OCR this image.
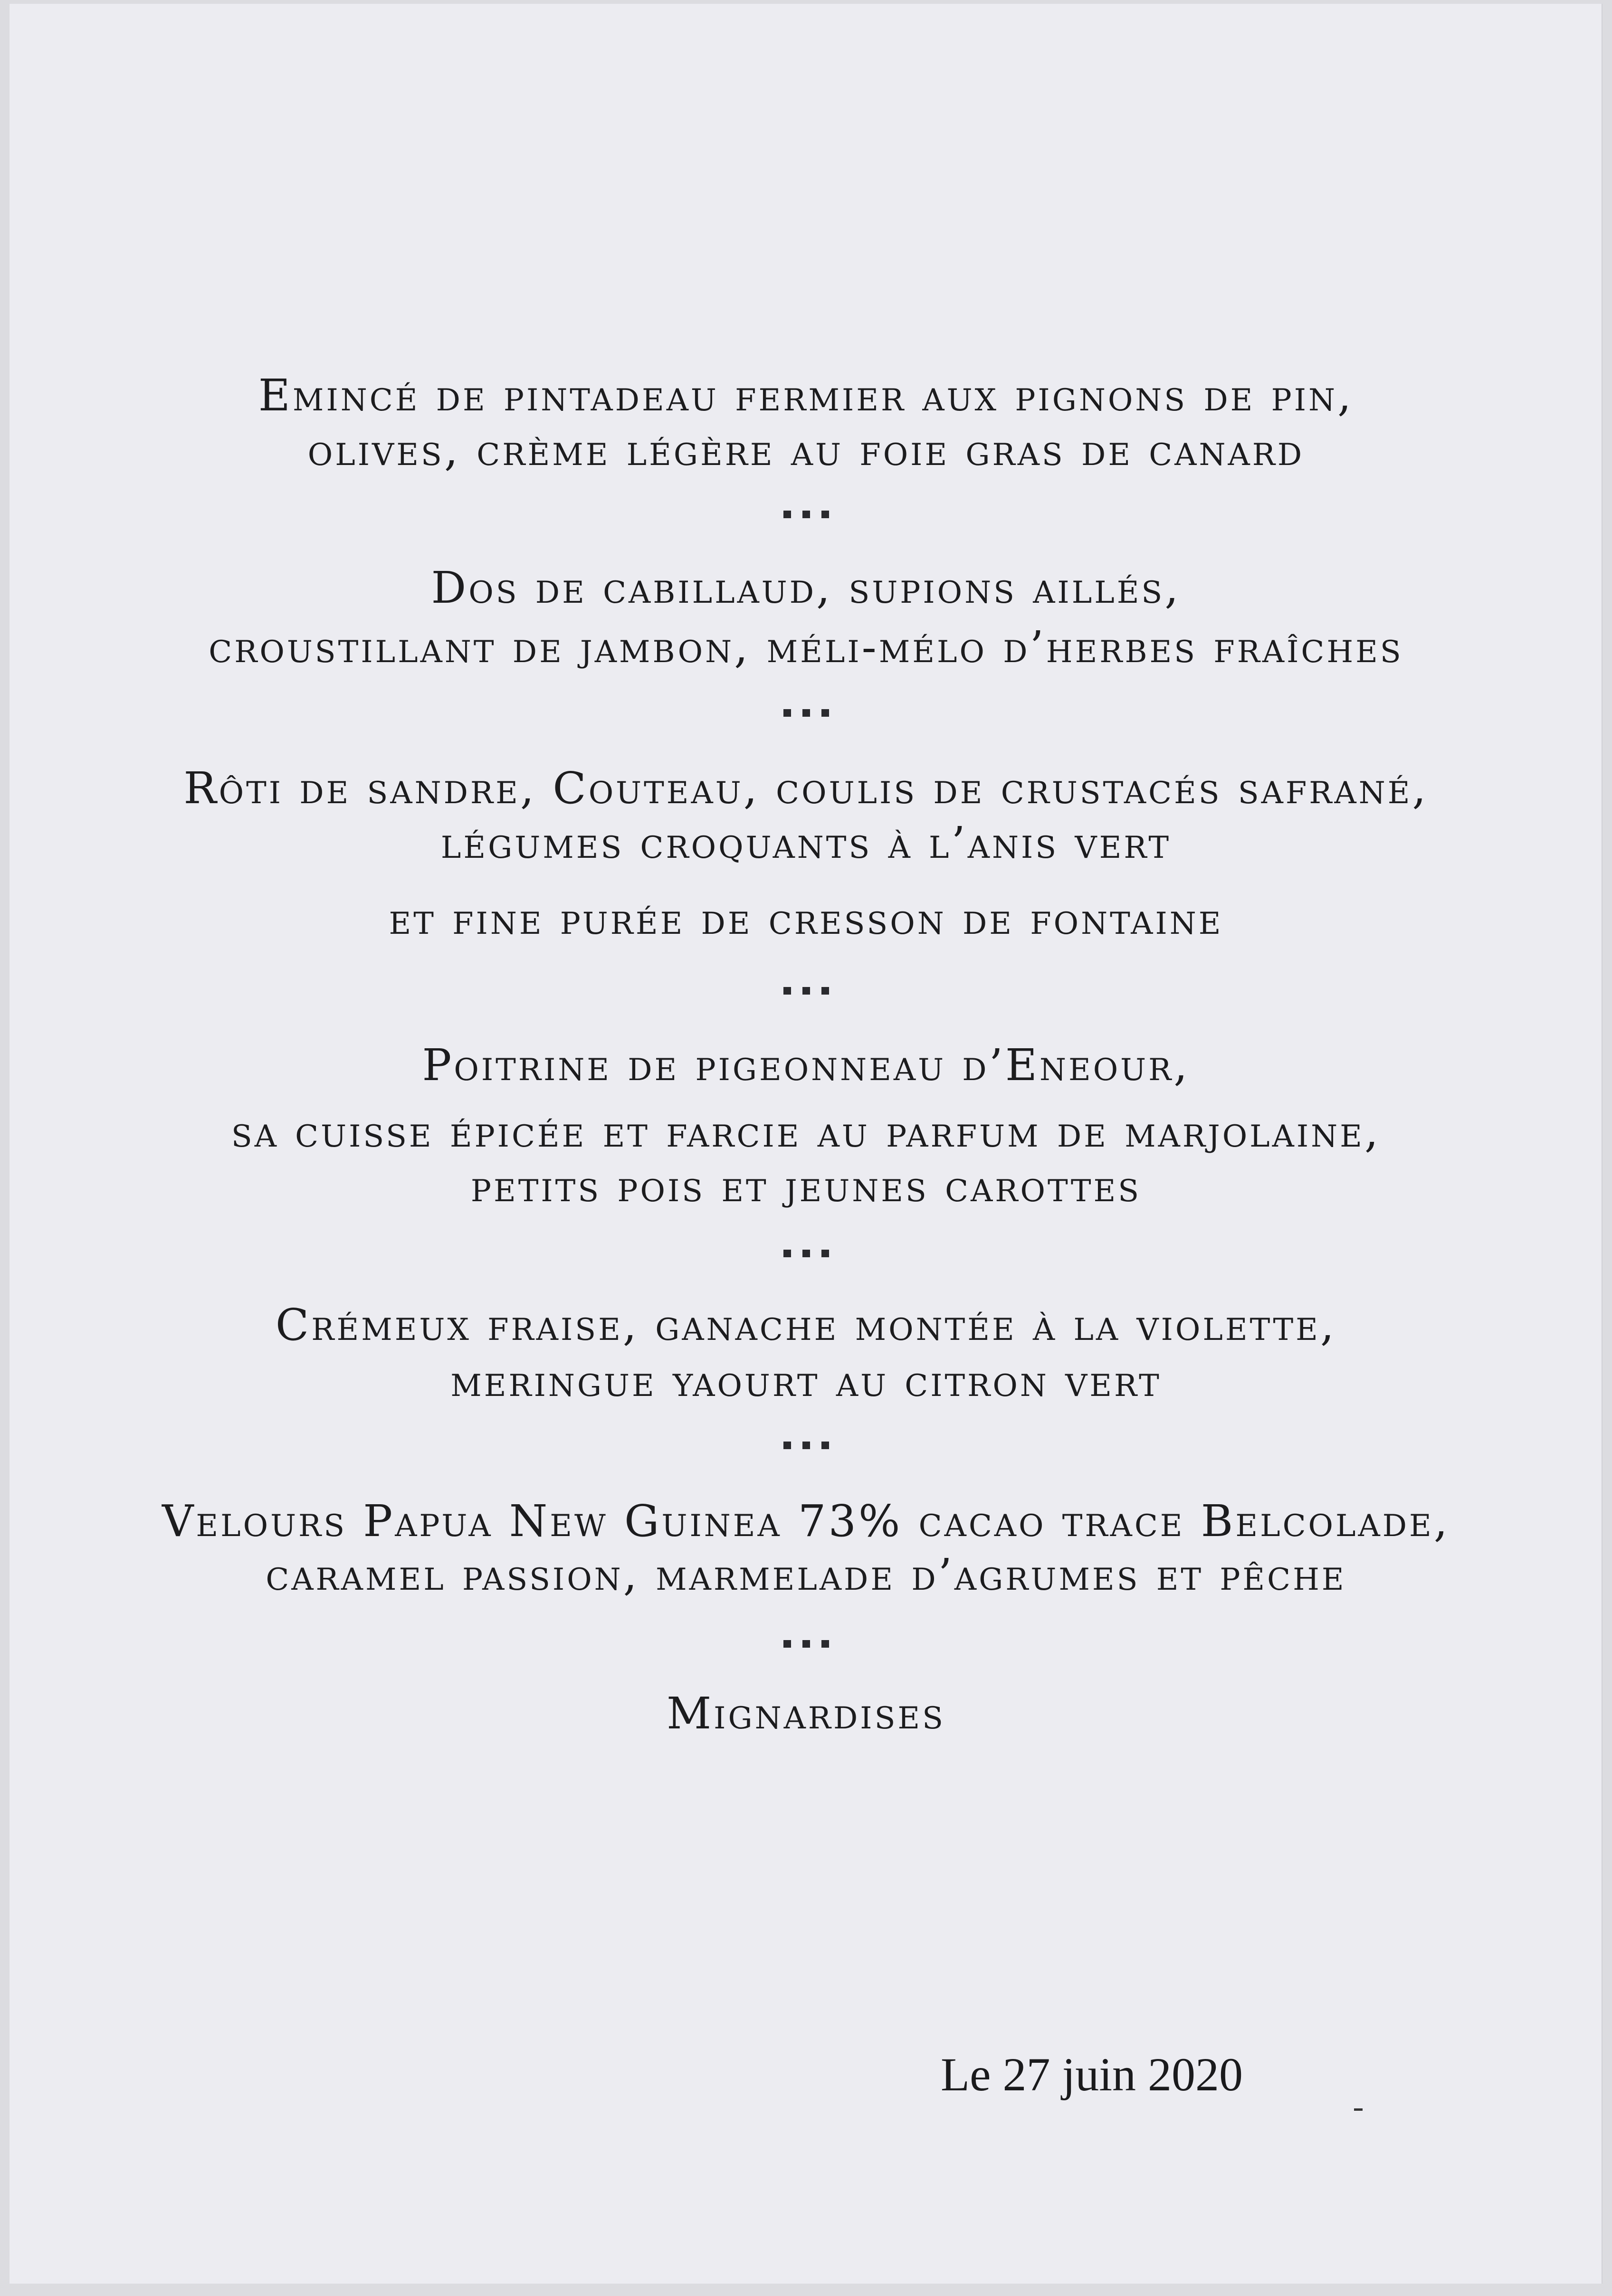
Emincé de pintadeau fermier aux pignons de pin,
olives, crème légère au foie gras de canard
Dos de cabillaud, supions aillés,
croustillant de jambon, méli-mélo d’herbes fraîches
Rôti de sandre, Couteau, coulis de crustacés safrané,
légumes croquants à l’anis vert
et fine purée de cresson de fontaine
Poitrine de pigeonneau d’Eneour,
sa cuisse épicée et farcie au parfum de marjolaine,
petits pois et jeunes carottes
Crémeux fraise, ganache montée à la violette,
meringue yaourt au citron vert
Velours Papua New Guinea 73% cacao trace Belcolade,
caramel passion, marmelade d’agrumes et pêche
Mignardises
Le 27 juin 2020
